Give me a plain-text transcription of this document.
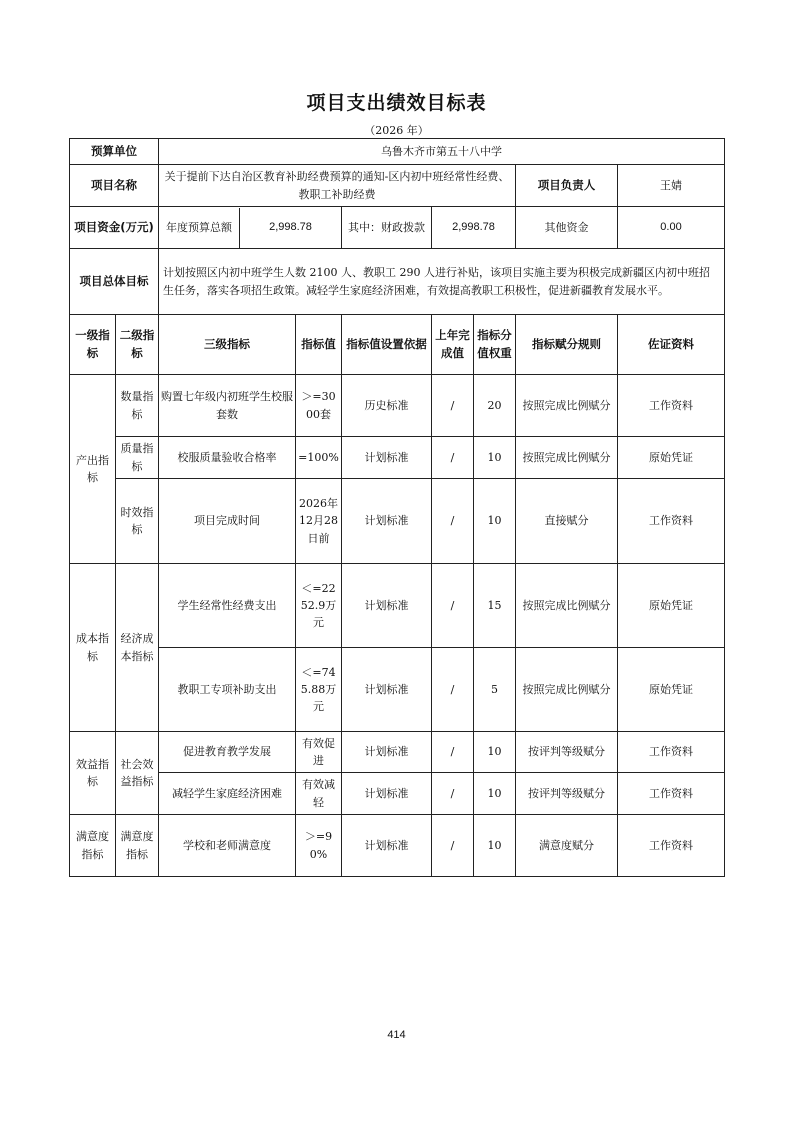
项目支出绩效目标表
（2026 年）
预算单位		乌鲁木齐市第五十八中学						
项目名称		关于提前下达自治区教育补助经费预算的通知-区内初中班经常性经费、教职工补助经费					项目负责人	王婧
项目资金(万元)		年度预算总额 2,998.78		其中：财政拨款	2,998.78		其他资金	0.00
项目总体目标		计划按照区内初中班学生人数 2100 人、教职工 290 人进行补贴，该项目实施主要为积极完成新疆区内初中班招生任务，落实各项招生政策。减轻学生家庭经济困难，有效提高教职工积极性，促进新疆教育发展水平。						
一级指标	二级指标	三级指标	指标值	指标值设置依据	上年完成值	指标分值权重	指标赋分规则	佐证资料
产出指标	数量指标	购置七年级内初班学生校服套数	＞=3000套	历史标准	/	20	按照完成比例赋分	工作资料
	质量指标	校服质量验收合格率	=100%	计划标准	/	10	按照完成比例赋分	原始凭证
	时效指标	项目完成时间	2026年12月28日前	计划标准	/	10	直接赋分	工作资料
成本指标	经济成本指标	学生经常性经费支出	＜=2252.9万元	计划标准	/	15	按照完成比例赋分	原始凭证
		教职工专项补助支出	＜=745.88万元	计划标准	/	5	按照完成比例赋分	原始凭证
效益指标	社会效益指标	促进教育教学发展	有效促进	计划标准	/	10	按评判等级赋分	工作资料
		减轻学生家庭经济困难	有效减轻	计划标准	/	10	按评判等级赋分	工作资料
满意度指标	满意度指标	学校和老师满意度	＞=90%	计划标准	/	10	满意度赋分	工作资料
414
